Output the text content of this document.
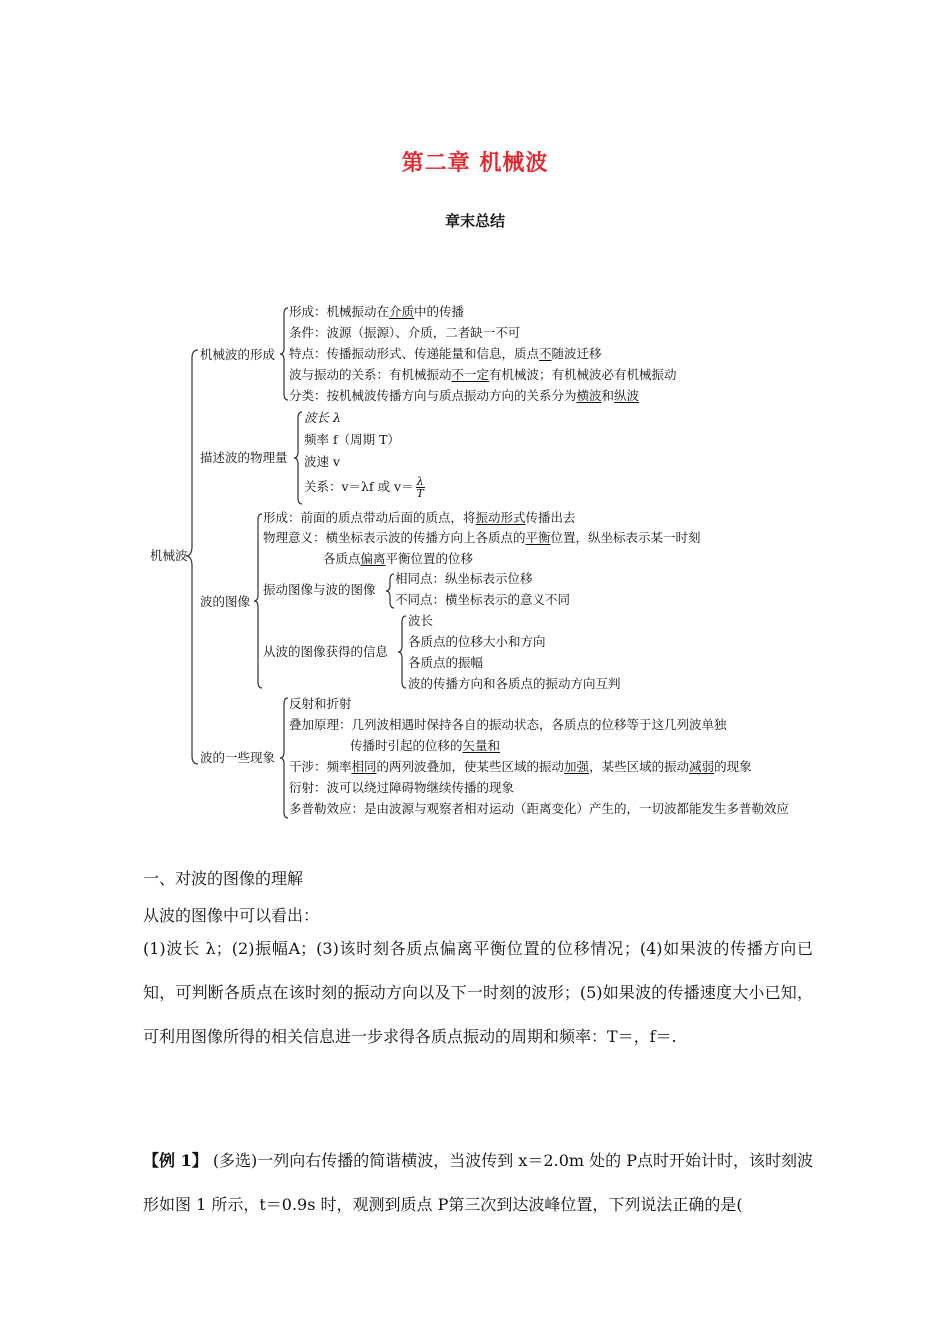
第二章 机械波
章末总结
机械波
机械波的形成
形成：机械振动在介质中的传播
条件：波源（振源）、介质，二者缺一不可
特点：传播振动形式、传递能量和信息，质点不随波迁移
波与振动的关系：有机械振动不一定有机械波；有机械波必有机械振动
分类：按机械波传播方向与质点振动方向的关系分为横波和纵波
描述波的物理量
波长 λ
频率 f（周期 T）
波速 v
关系：v＝λf 或 $v= \frac{\lambda}{T}$
波的图像
形成：前面的质点带动后面的质点，将振动形式传播出去
物理意义：横坐标表示波的传播方向上各质点的平衡位置，纵坐标表示某一时刻
各质点偏离平衡位置的位移
振动图像与波的图像
相同点：纵坐标表示位移
不同点：横坐标表示的意义不同
从波的图像获得的信息
波长
各质点的位移大小和方向
各质点的振幅
波的传播方向和各质点的振动方向互判
波的一些现象
反射和折射
叠加原理：几列波相遇时保持各自的振动状态，各质点的位移等于这几列波单独
传播时引起的位移的矢量和
干涉：频率相同的两列波叠加，使某些区域的振动加强，某些区域的振动减弱的现象
衍射：波可以绕过障碍物继续传播的现象
多普勒效应：是由波源与观察者相对运动（距离变化）产生的，一切波都能发生多普勒效应
一、对波的图像的理解
从波的图像中可以看出：
(1)波长 λ；(2)振幅A；(3)该时刻各质点偏离平衡位置的位移情况；(4)如果波的传播方向已知，可判断各质点在该时刻的振动方向以及下一时刻的波形；(5)如果波的传播速度大小已知，可利用图像所得的相关信息进一步求得各质点振动的周期和频率：T＝，f＝.
【例 1】 (多选)一列向右传播的简谐横波，当波传到 x＝2.0m 处的 P点时开始计时，该时刻波形如图 1 所示，t＝0.9s 时，观测到质点 P第三次到达波峰位置，下列说法正确的是(
